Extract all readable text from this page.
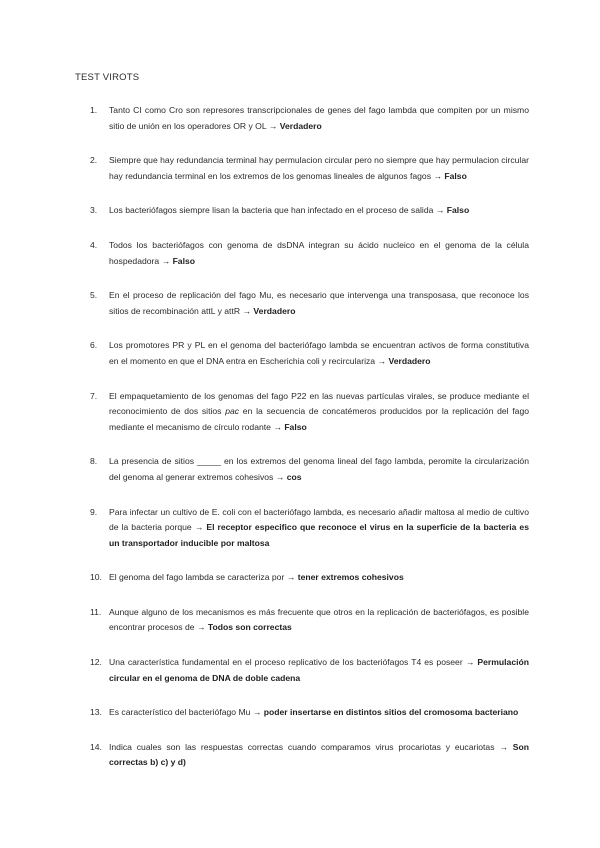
TEST VIROTS
1. Tanto CI como Cro son represores transcripcionales de genes del fago lambda que compiten por un mismo sitio de unión en los operadores OR y OL → Verdadero
2. Siempre que hay redundancia terminal hay permulacion circular pero no siempre que hay permulacion circular hay redundancia terminal en los extremos de los genomas lineales de algunos fagos → Falso
3. Los bacteriófagos siempre lisan la bacteria que han infectado en el proceso de salida → Falso
4. Todos los bacteriófagos con genoma de dsDNA integran su ácido nucleico en el genoma de la célula hospedadora → Falso
5. En el proceso de replicación del fago Mu, es necesario que intervenga una transposasa, que reconoce los sitios de recombinación attL y attR → Verdadero
6. Los promotores PR y PL en el genoma del bacteriófago lambda se encuentran activos de forma constitutiva en el momento en que el DNA entra en Escherichia coli y recirculariza → Verdadero
7. El empaquetamiento de los genomas del fago P22 en las nuevas partículas virales, se produce mediante el reconocimiento de dos sitios pac en la secuencia de concatémeros producidos por la replicación del fago mediante el mecanismo de círculo rodante → Falso
8. La presencia de sitios _____ en los extremos del genoma lineal del fago lambda, peromite la circularización del genoma al generar extremos cohesivos → cos
9. Para infectar un cultivo de E. coli con el bacteriófago lambda, es necesario añadir maltosa al medio de cultivo de la bacteria porque → El receptor especifico que reconoce el virus en la superficie de la bacteria es un transportador inducible por maltosa
10. El genoma del fago lambda se caracteriza por → tener extremos cohesivos
11. Aunque alguno de los mecanismos es más frecuente que otros en la replicación de bacteriófagos, es posible encontrar procesos de → Todos son correctas
12. Una característica fundamental en el proceso replicativo de los bacteriófagos T4 es poseer → Permulación circular en el genoma de DNA de doble cadena
13. Es característico del bacteriófago Mu → poder insertarse en distintos sitios del cromosoma bacteriano
14. Indica cuales son las respuestas correctas cuando comparamos virus procariotas y eucariotas → Son correctas b) c) y d)
